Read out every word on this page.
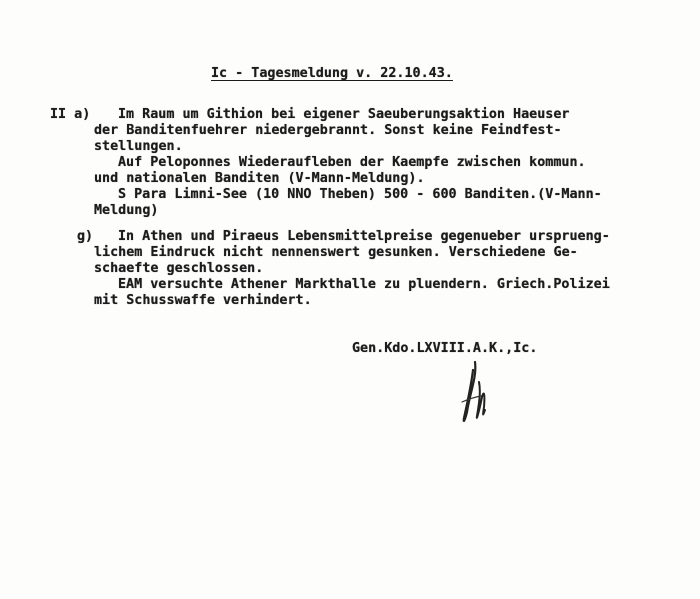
Ic - Tagesmeldung v. 22.10.43.
II a) Im Raum um Githion bei eigener Saeuberungsaktion Haeuser
der Banditenfuehrer niedergebrannt. Sonst keine Feindfest-
stellungen.
Auf Peloponnes Wiederaufleben der Kaempfe zwischen kommun.
und nationalen Banditen (V-Mann-Meldung).
S Para Limni-See (10 NNO Theben) 500 - 600 Banditen.(V-Mann-
Meldung)
g) In Athen und Piraeus Lebensmittelpreise gegenueber ursprueng-
lichem Eindruck nicht nennenswert gesunken. Verschiedene Ge-
schaefte geschlossen.
EAM versuchte Athener Markthalle zu pluendern. Griech.Polizei
mit Schusswaffe verhindert.
Gen.Kdo.LXVIII.A.K.,Ic.
